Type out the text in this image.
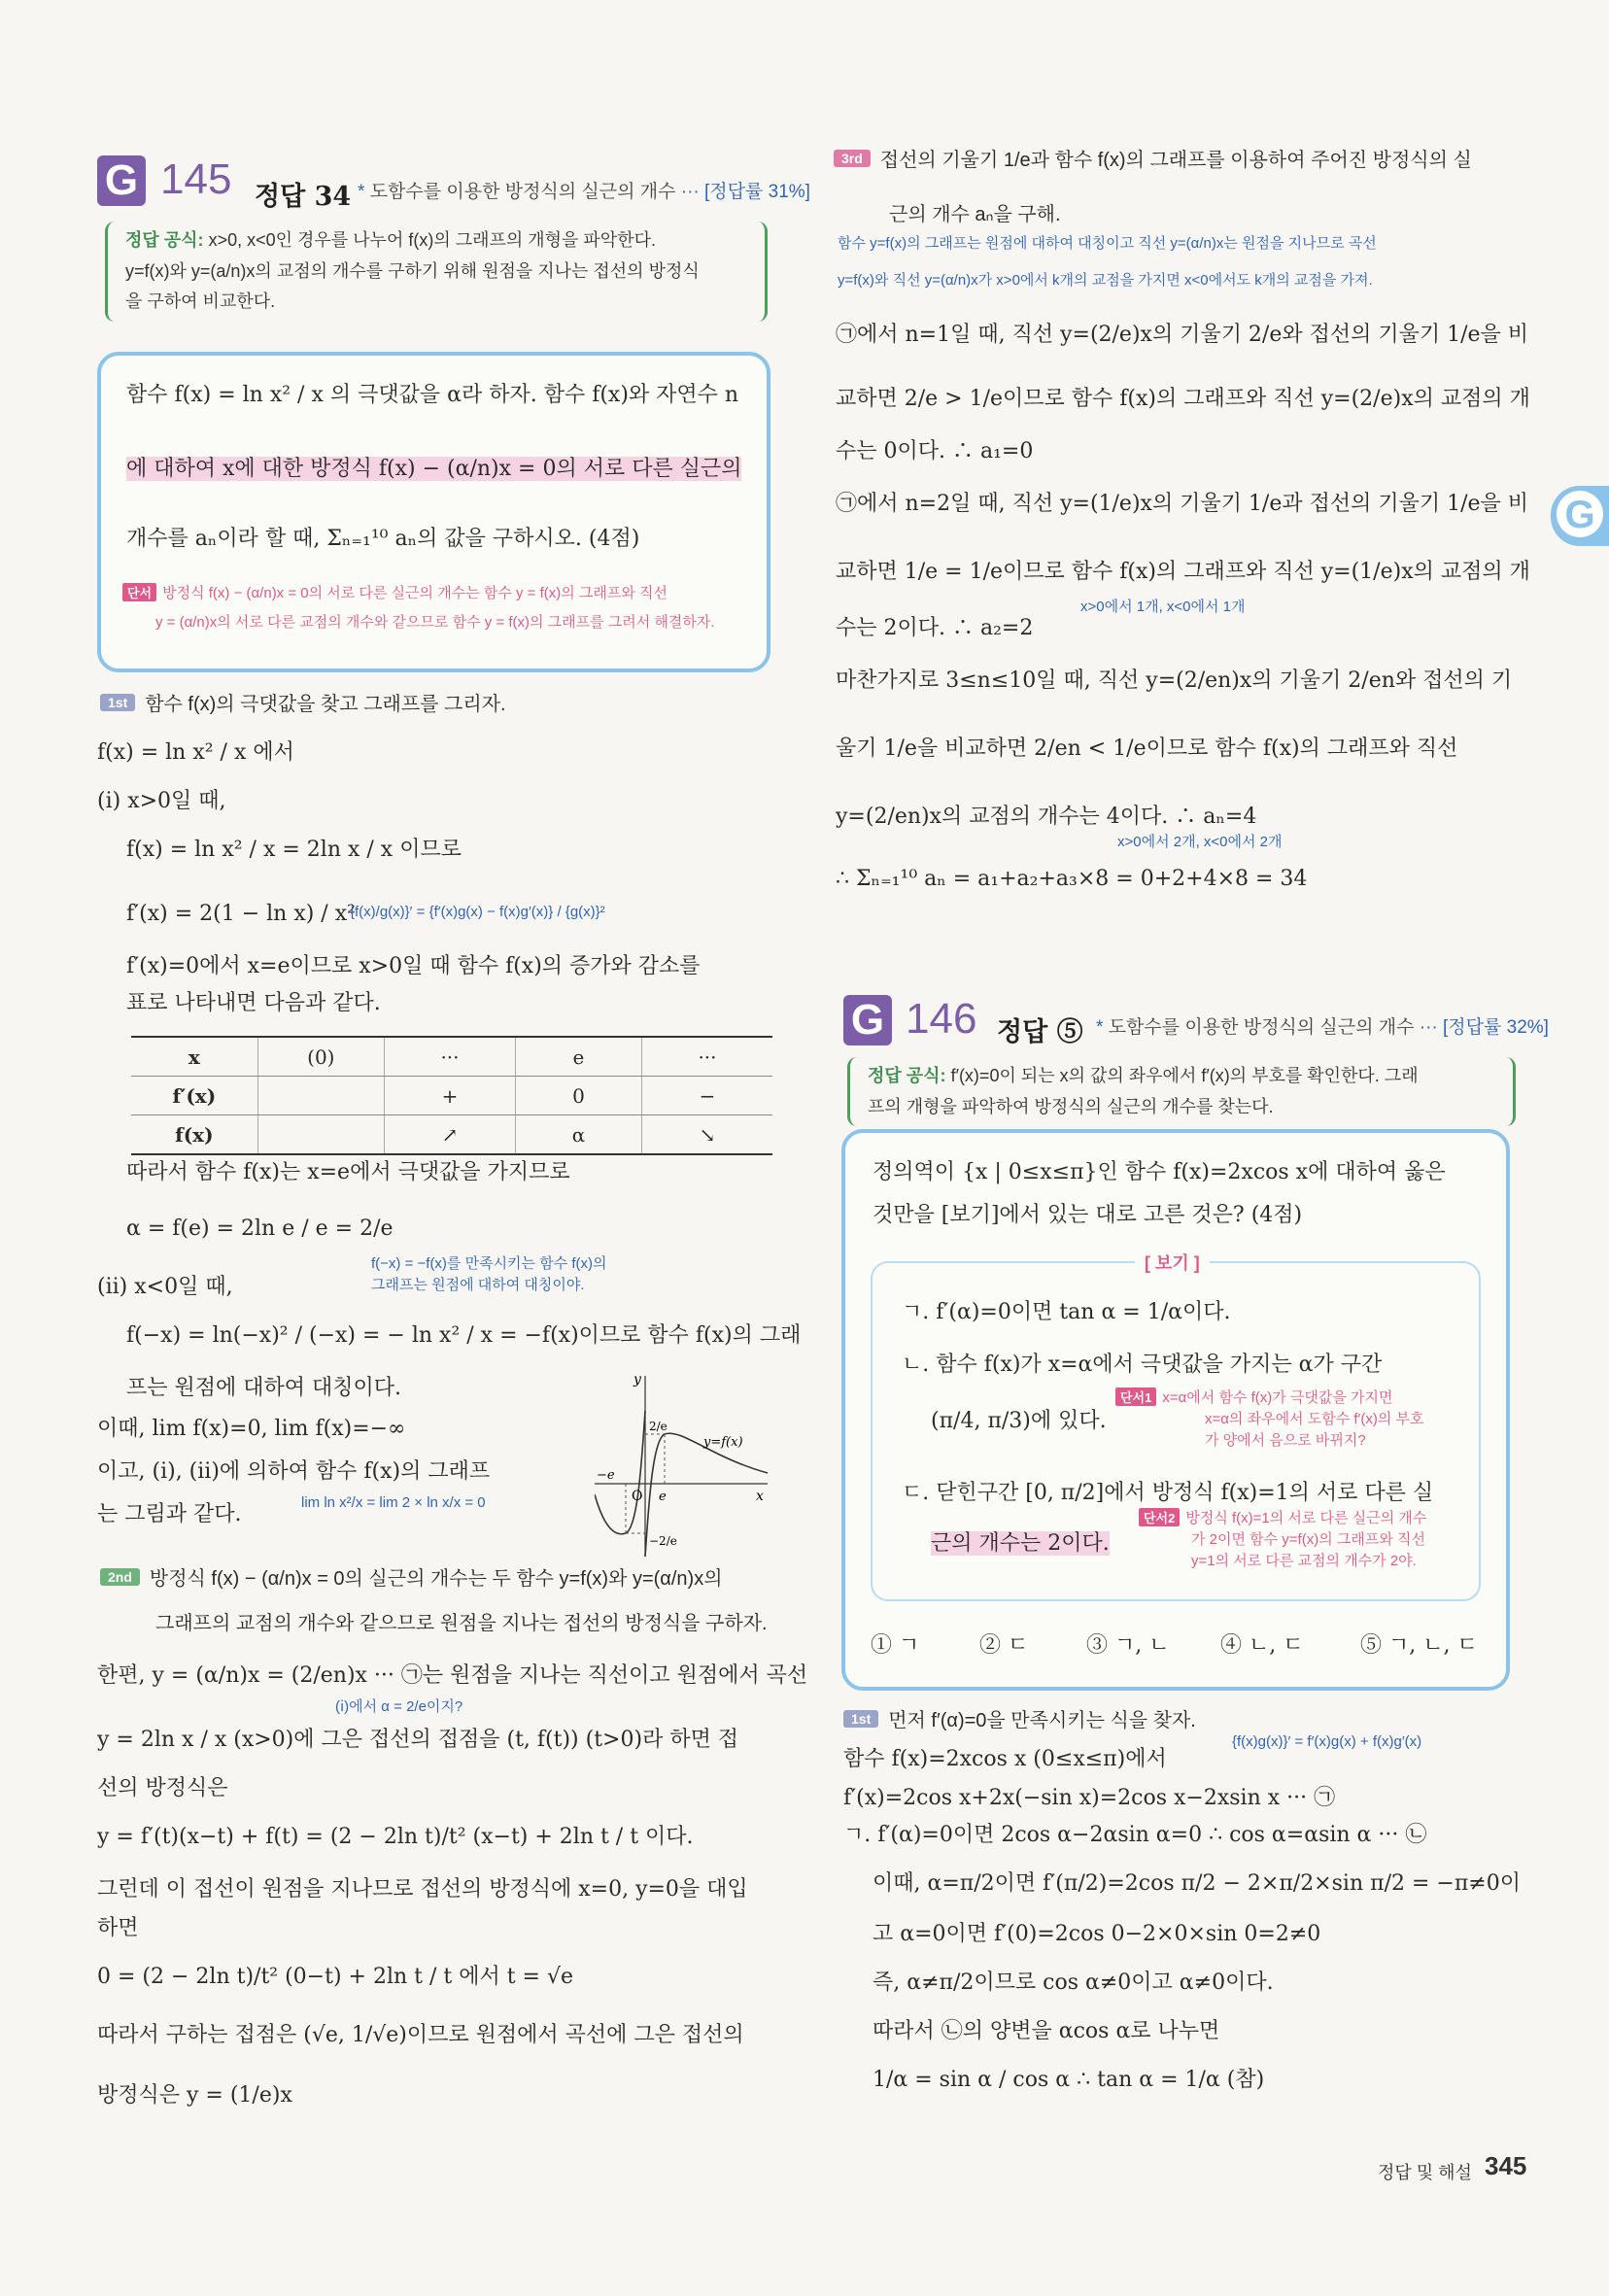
G 145 정답 34 * 도함수를 이용한 방정식의 실근의 개수 ··· [정답률 31%]
정답 공식: x>0, x<0인 경우를 나누어 f(x)의 그래프의 개형을 파악한다.
y=f(x)와 y=(a/n)x의 교점의 개수를 구하기 위해 원점을 지나는 접선의 방정식
을 구하여 비교한다.
함수 f(x) = ln x² / x 의 극댓값을 α라 하자. 함수 f(x)와 자연수 n
에 대하여 x에 대한 방정식 f(x) − (α/n)x = 0의 서로 다른 실근의
개수를 aₙ이라 할 때, Σₙ₌₁¹⁰ aₙ의 값을 구하시오. (4점)
단서 방정식 f(x) − (α/n)x = 0의 서로 다른 실근의 개수는 함수 y = f(x)의 그래프와 직선
y = (α/n)x의 서로 다른 교점의 개수와 같으므로 함수 y = f(x)의 그래프를 그려서 해결하자.
1st 함수 f(x)의 극댓값을 찾고 그래프를 그리자.
f(x) = ln x² / x 에서
(ⅰ) x>0일 때,
f(x) = ln x² / x = 2ln x / x 이므로
f′(x) = 2(1 − ln x) / x²
{f(x)/g(x)}′ = {f′(x)g(x) − f(x)g′(x)} / {g(x)}²
f′(x)=0에서 x=e이므로 x>0일 때 함수 f(x)의 증가와 감소를
표로 나타내면 다음과 같다.
x	(0)	···	e	···
f′(x)		+	0	−
f(x)		↗	α	↘
따라서 함수 f(x)는 x=e에서 극댓값을 가지므로
α = f(e) = 2ln e / e = 2/e
f(−x) = −f(x)를 만족시키는 함수 f(x)의
그래프는 원점에 대하여 대칭이야.
(ⅱ) x<0일 때,
f(−x) = ln(−x)² / (−x) = − ln x² / x = −f(x)이므로 함수 f(x)의 그래
프는 원점에 대하여 대칭이다.
이때, lim f(x)=0, lim f(x)=−∞
이고, (ⅰ), (ⅱ)에 의하여 함수 f(x)의 그래프
는 그림과 같다.	lim ln x²/x = lim 2 × ln x/x = 0
y
x
O
y=f(x)
e
−e
2/e
−2/e
2nd 방정식 f(x) − (α/n)x = 0의 실근의 개수는 두 함수 y=f(x)와 y=(α/n)x의
그래프의 교점의 개수와 같으므로 원점을 지나는 접선의 방정식을 구하자.
한편, y = (α/n)x = (2/en)x ··· ㉠는 원점을 지나는 직선이고 원점에서 곡선
(ⅰ)에서 α = 2/e이지?
y = 2ln x / x (x>0)에 그은 접선의 접점을 (t, f(t)) (t>0)라 하면 접
선의 방정식은
y = f′(t)(x−t) + f(t) = (2 − 2ln t)/t² (x−t) + 2ln t / t 이다.
그런데 이 접선이 원점을 지나므로 접선의 방정식에 x=0, y=0을 대입
하면
0 = (2 − 2ln t)/t² (0−t) + 2ln t / t 에서 t = √e
따라서 구하는 접점은 (√e, 1/√e)이므로 원점에서 곡선에 그은 접선의
방정식은 y = (1/e)x
3rd 접선의 기울기 1/e과 함수 f(x)의 그래프를 이용하여 주어진 방정식의 실
근의 개수 aₙ을 구해.
함수 y=f(x)의 그래프는 원점에 대하여 대칭이고 직선 y=(α/n)x는 원점을 지나므로 곡선
y=f(x)와 직선 y=(α/n)x가 x>0에서 k개의 교점을 가지면 x<0에서도 k개의 교점을 가져.
㉠에서 n=1일 때, 직선 y=(2/e)x의 기울기 2/e와 접선의 기울기 1/e을 비
교하면 2/e > 1/e이므로 함수 f(x)의 그래프와 직선 y=(2/e)x의 교점의 개
수는 0이다. ∴ a₁=0
㉠에서 n=2일 때, 직선 y=(1/e)x의 기울기 1/e과 접선의 기울기 1/e을 비
교하면 1/e = 1/e이므로 함수 f(x)의 그래프와 직선 y=(1/e)x의 교점의 개
x>0에서 1개, x<0에서 1개
수는 2이다. ∴ a₂=2
마찬가지로 3≤n≤10일 때, 직선 y=(2/en)x의 기울기 2/en와 접선의 기
울기 1/e을 비교하면 2/en < 1/e이므로 함수 f(x)의 그래프와 직선
y=(2/en)x의 교점의 개수는 4이다. ∴ aₙ=4
x>0에서 2개, x<0에서 2개
∴ Σₙ₌₁¹⁰ aₙ = a₁+a₂+a₃×8 = 0+2+4×8 = 34
G
G 146 정답 ⑤ * 도함수를 이용한 방정식의 실근의 개수 ··· [정답률 32%]
정답 공식: f′(x)=0이 되는 x의 값의 좌우에서 f′(x)의 부호를 확인한다. 그래
프의 개형을 파악하여 방정식의 실근의 개수를 찾는다.
정의역이 {x | 0≤x≤π}인 함수 f(x)=2xcos x에 대하여 옳은
것만을 [보기]에서 있는 대로 고른 것은? (4점)
[ 보기 ]
ㄱ. f′(α)=0이면 tan α = 1/α이다.
ㄴ. 함수 f(x)가 x=α에서 극댓값을 가지는 α가 구간
(π/4, π/3)에 있다.
단서1 x=α에서 함수 f(x)가 극댓값을 가지면
x=α의 좌우에서 도함수 f′(x)의 부호
가 양에서 음으로 바뀌지?
ㄷ. 닫힌구간 [0, π/2]에서 방정식 f(x)=1의 서로 다른 실
근의 개수는 2이다.
단서2 방정식 f(x)=1의 서로 다른 실근의 개수
가 2이면 함수 y=f(x)의 그래프와 직선
y=1의 서로 다른 교점의 개수가 2야.
① ㄱ	② ㄷ	③ ㄱ, ㄴ ④ ㄴ, ㄷ	⑤ ㄱ, ㄴ, ㄷ
1st 먼저 f′(α)=0을 만족시키는 식을 찾자.
{f(x)g(x)}′ = f′(x)g(x) + f(x)g′(x)
함수 f(x)=2xcos x (0≤x≤π)에서
f′(x)=2cos x+2x(−sin x)=2cos x−2xsin x ··· ㉠
ㄱ. f′(α)=0이면 2cos α−2αsin α=0 ∴ cos α=αsin α ··· ㉡
이때, α=π/2이면 f′(π/2)=2cos π/2 − 2×π/2×sin π/2 = −π≠0이
고 α=0이면 f′(0)=2cos 0−2×0×sin 0=2≠0
즉, α≠π/2이므로 cos α≠0이고 α≠0이다.
따라서 ㉡의 양변을 αcos α로 나누면
1/α = sin α / cos α ∴ tan α = 1/α (참)
정답 및 해설 345
